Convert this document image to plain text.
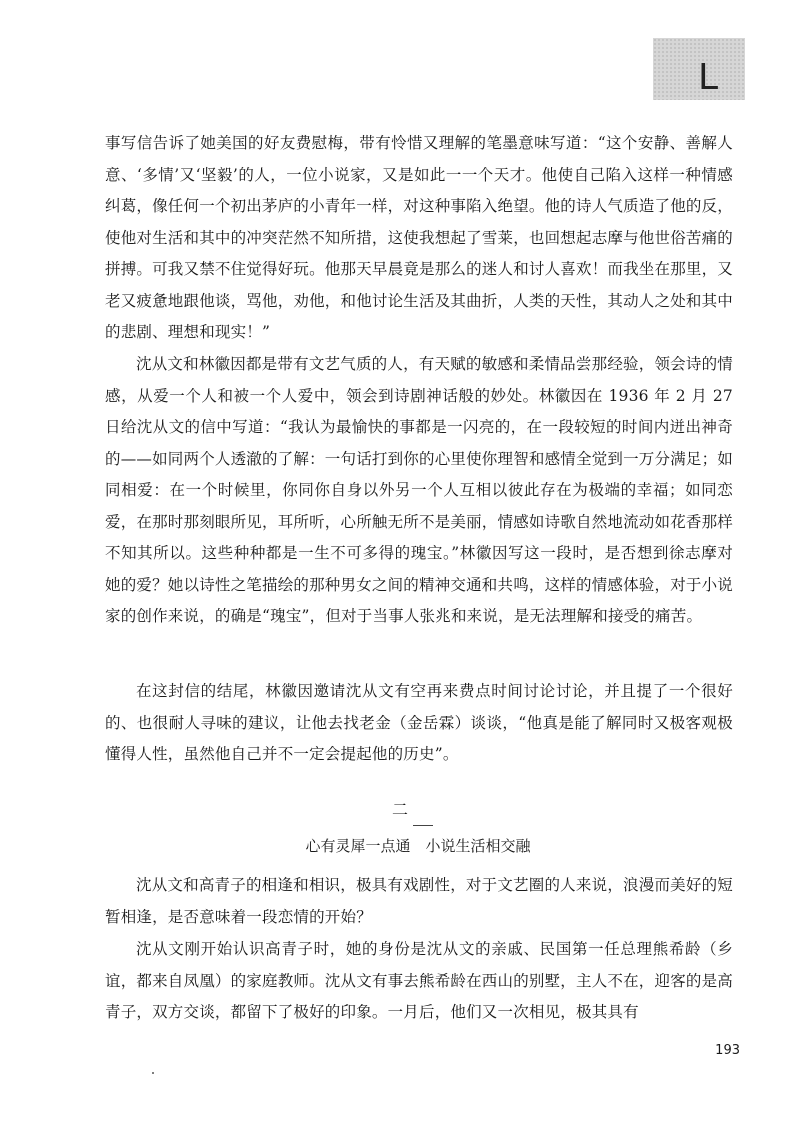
L

事写信告诉了她美国的好友费慰梅，带有怜惜又理解的笔墨意味写道：“这个安静、善解人意、‘多情’又‘坚毅’的人，一位小说家，又是如此一一个天才。他使自己陷入这样一种情感纠葛，像任何一个初出茅庐的小青年一样，对这种事陷入绝望。他的诗人气质造了他的反，使他对生活和其中的冲突茫然不知所措，这使我想起了雪莱，也回想起志摩与他世俗苦痛的拼搏。可我又禁不住觉得好玩。他那天早晨竟是那么的迷人和讨人喜欢！而我坐在那里，又老又疲惫地跟他谈，骂他，劝他，和他讨论生活及其曲折，人类的天性，其动人之处和其中的悲剧、理想和现实！”

沈从文和林徽因都是带有文艺气质的人，有天赋的敏感和柔情品尝那经验，领会诗的情感，从爱一个人和被一个人爱中，领会到诗剧神话般的妙处。林徽因在 1936 年 2 月 27 日给沈从文的信中写道：“我认为最愉快的事都是一闪亮的，在一段较短的时间内迸出神奇的——如同两个人透澈的了解：一句话打到你的心里使你理智和感情全觉到一万分满足；如同相爱：在一个时候里，你同你自身以外另一个人互相以彼此存在为极端的幸福；如同恋爱，在那时那刻眼所见，耳所听，心所触无所不是美丽，情感如诗歌自然地流动如花香那样不知其所以。这些种种都是一生不可多得的瑰宝。”林徽因写这一段时，是否想到徐志摩对她的爱？她以诗性之笔描绘的那种男女之间的精神交通和共鸣，这样的情感体验，对于小说家的创作来说，的确是“瑰宝”，但对于当事人张兆和来说，是无法理解和接受的痛苦。

在这封信的结尾，林徽因邀请沈从文有空再来费点时间讨论讨论，并且提了一个很好的、也很耐人寻味的建议，让他去找老金（金岳霖）谈谈，“他真是能了解同时又极客观极懂得人性，虽然他自己并不一定会提起他的历史”。

二
心有灵犀一点通　小说生活相交融

沈从文和高青子的相逢和相识，极具有戏剧性，对于文艺圈的人来说，浪漫而美好的短暂相逢，是否意味着一段恋情的开始？

沈从文刚开始认识高青子时，她的身份是沈从文的亲戚、民国第一任总理熊希龄（乡谊，都来自凤凰）的家庭教师。沈从文有事去熊希龄在西山的别墅，主人不在，迎客的是高青子，双方交谈，都留下了极好的印象。一月后，他们又一次相见，极其具有

193
